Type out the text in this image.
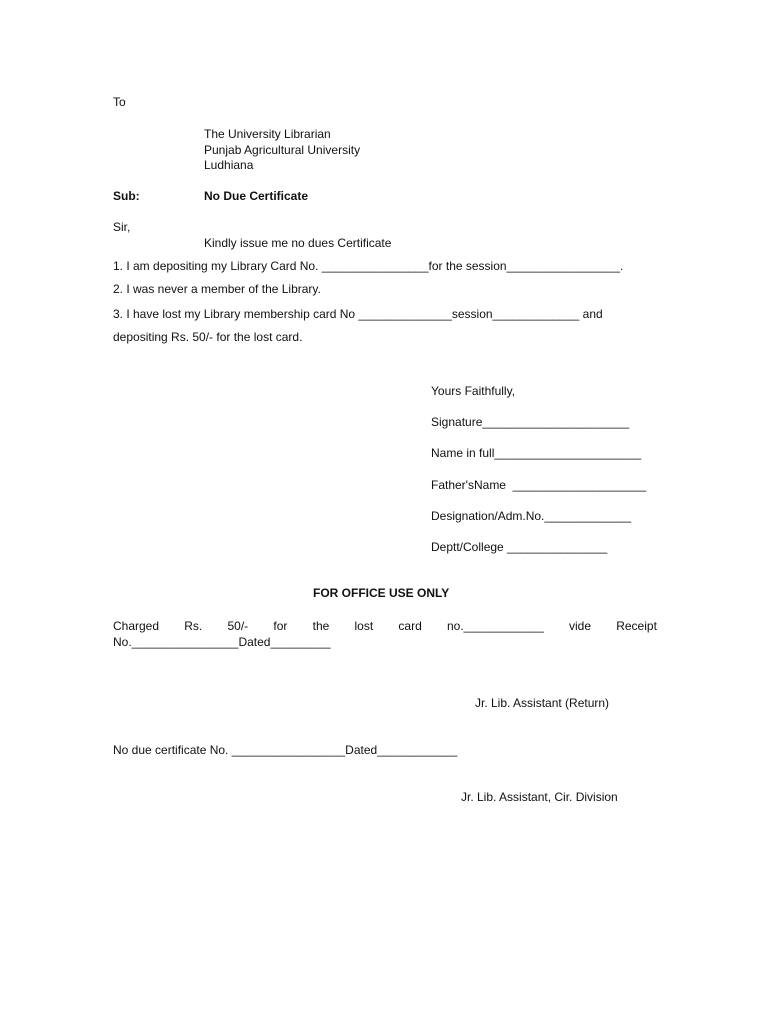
To
The University Librarian
Punjab Agricultural University
Ludhiana
Sub:	No Due Certificate
Sir,
Kindly issue me no dues Certificate
1. I am depositing my Library Card No. ________________for the session_________________.
2. I was never a member of the Library.
3. I have lost my Library membership card No ______________session_____________ and
depositing Rs. 50/- for the lost card.
Yours Faithfully,
Signature______________________
Name in full______________________
Father'sName  ____________________
Designation/Adm.No._____________
Deptt/College _______________
FOR OFFICE USE ONLY
Charged Rs. 50/- for the lost card no.____________ vide Receipt
No.________________Dated_________
Jr. Lib. Assistant (Return)
No due certificate No. _________________Dated____________
Jr. Lib. Assistant, Cir. Division
